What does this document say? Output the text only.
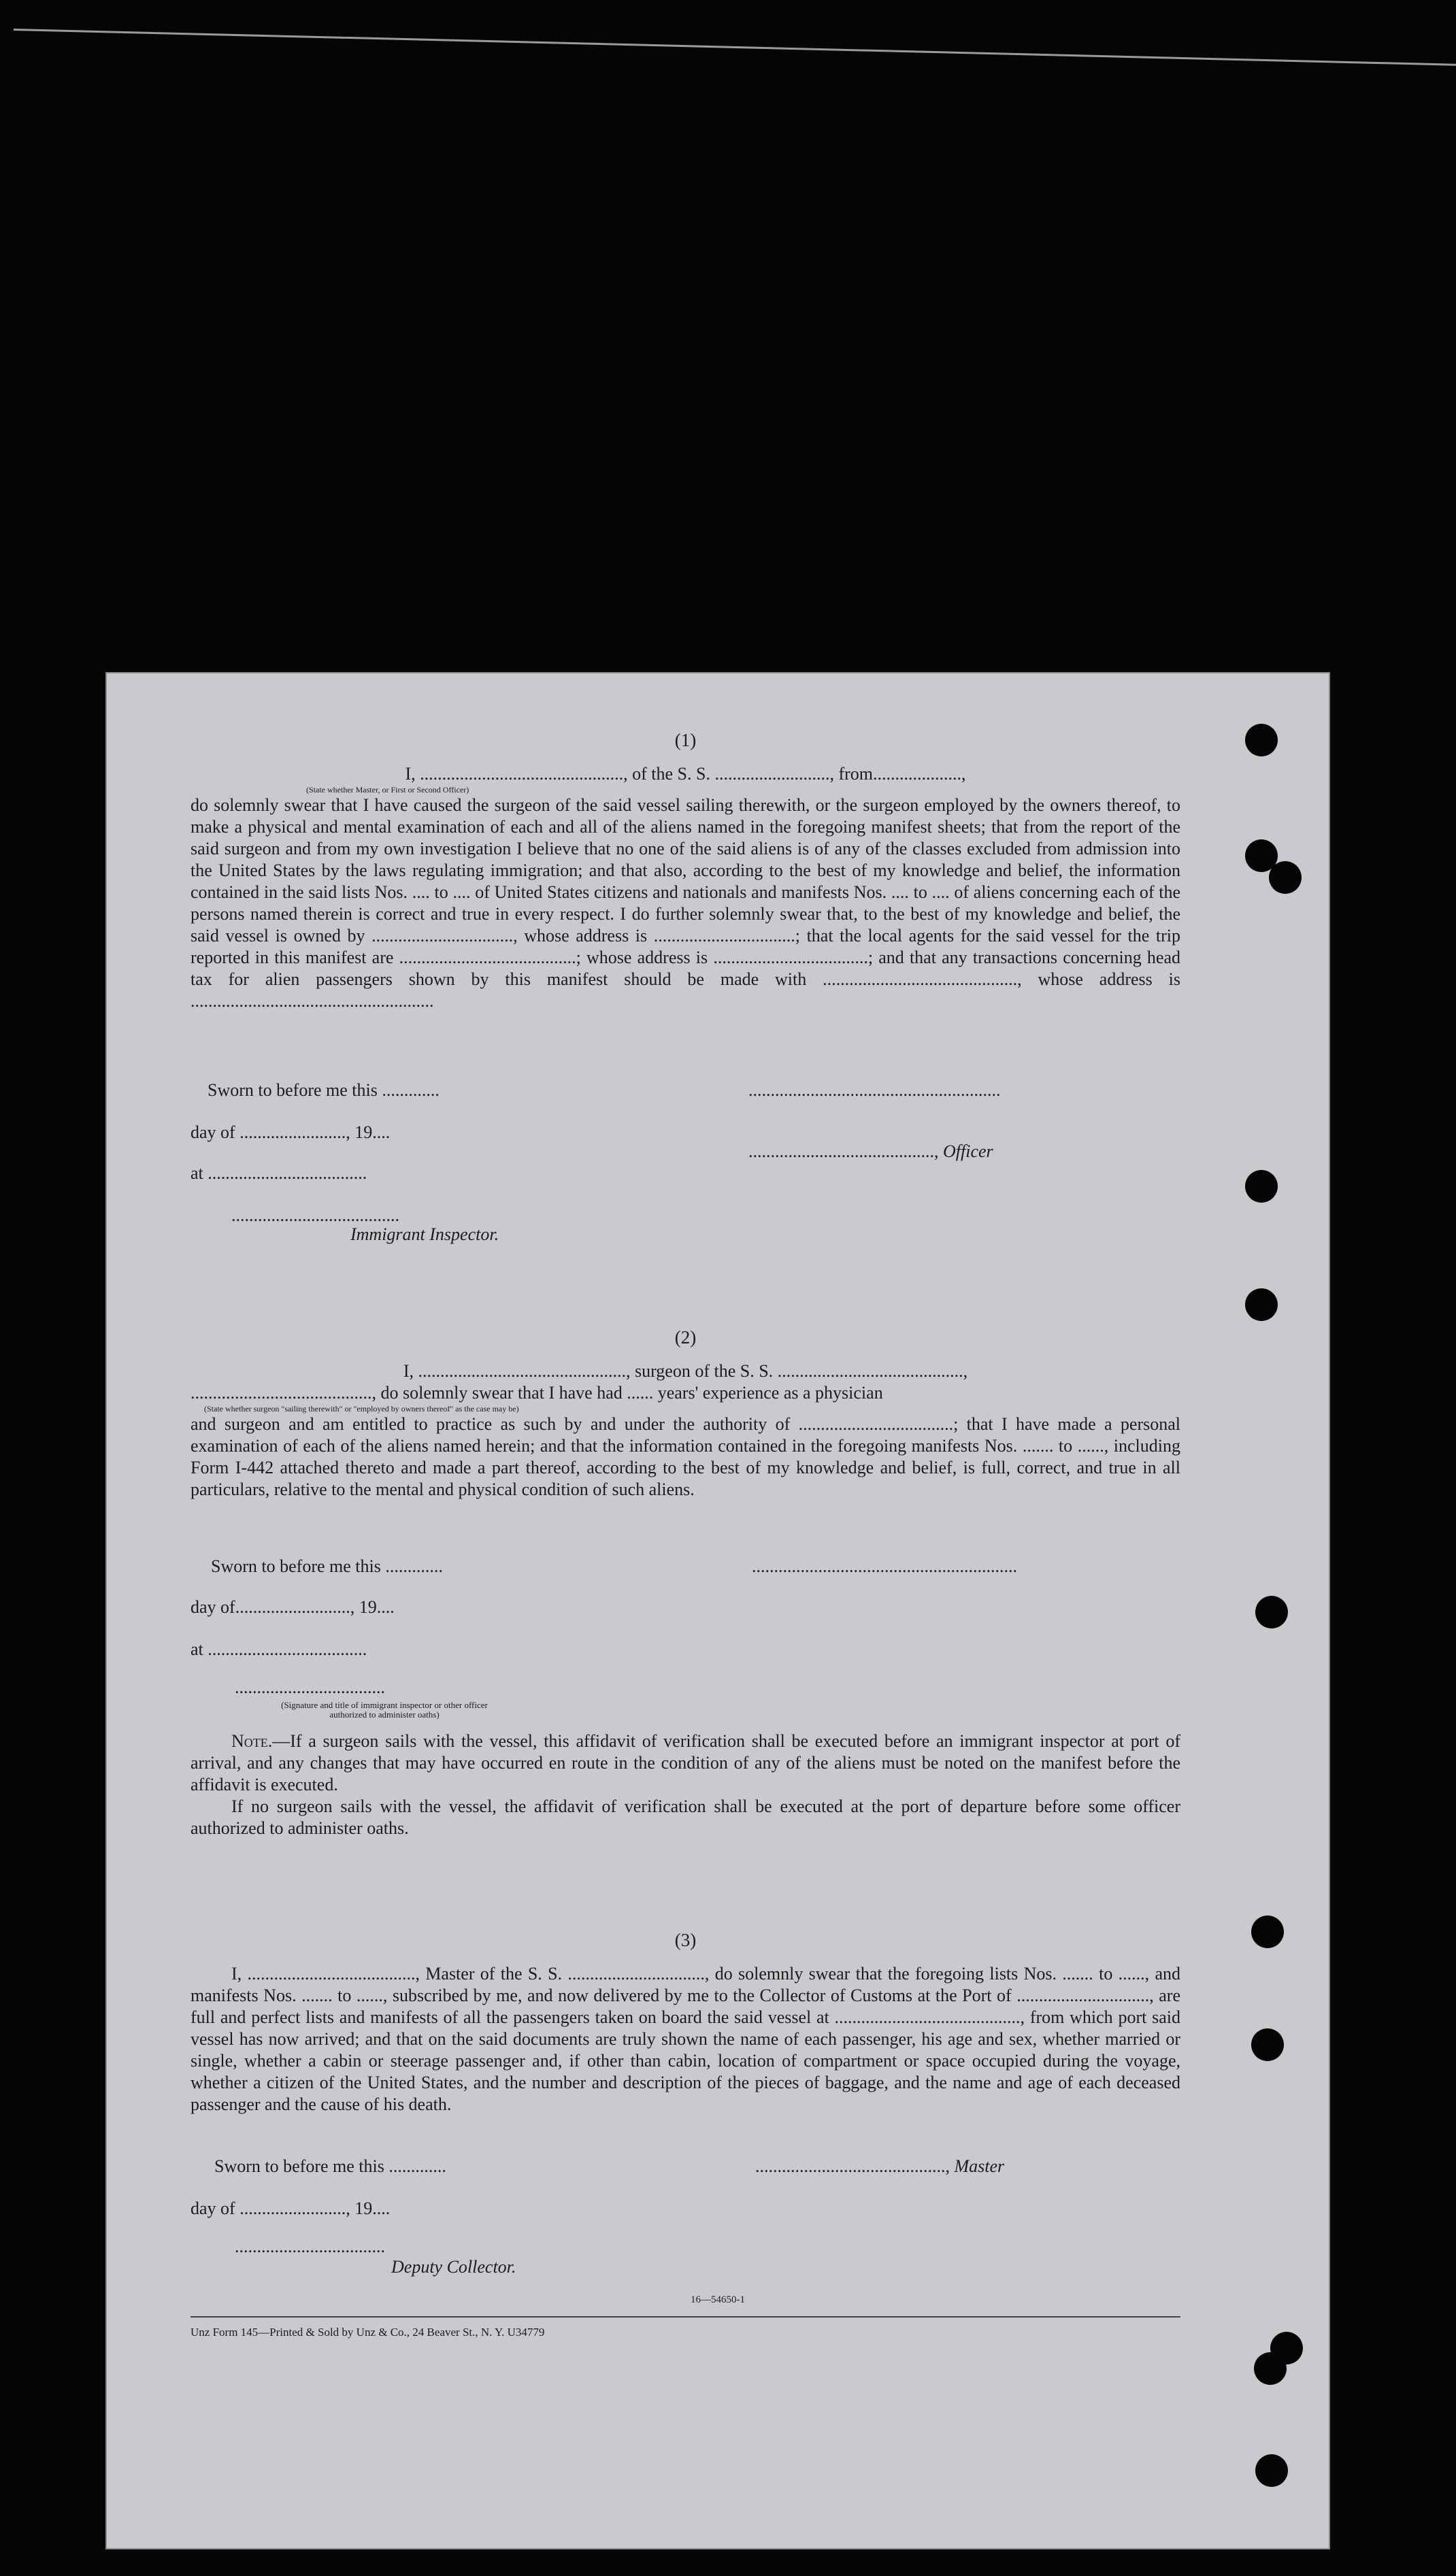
(1)

I, .............................................., of the S. S. .........................., from....................,

(State whether Master, or First or Second Officer)

do solemnly swear that I have caused the surgeon of the said vessel sailing therewith, or the surgeon employed by the owners thereof, to make a physical and mental examination of each and all of the aliens named in the foregoing manifest sheets; that from the report of the said surgeon and from my own investigation I believe that no one of the said aliens is of any of the classes excluded from admission into the United States by the laws regulating immigration; and that also, according to the best of my knowledge and belief, the information contained in the said lists Nos. .... to .... of United States citizens and nationals and manifests Nos. .... to .... of aliens concerning each of the persons named therein is correct and true in every respect. I do further solemnly swear that, to the best of my knowledge and belief, the said vessel is owned by ................................, whose address is ................................; that the local agents for the said vessel for the trip reported in this manifest are ........................................; whose address is ...................................; and that any transactions concerning head tax for alien passengers shown by this manifest should be made with ............................................, whose address is .......................................................

Sworn to before me this .............	.........................................................
day of ........................, 19....
.........................................., Officer
at ....................................
......................................
Immigrant Inspector.
(2)

I, ..............................................., surgeon of the S. S. ..........................................,

........................................., do solemnly swear that I have had ...... years' experience as a physician

(State whether surgeon "sailing therewith" or "employed by owners thereof" as the case may be)

and surgeon and am entitled to practice as such by and under the authority of ...................................; that I have made a personal examination of each of the aliens named herein; and that the information contained in the foregoing manifests Nos. ....... to ......, including Form I-442 attached thereto and made a part thereof, according to the best of my knowledge and belief, is full, correct, and true in all particulars, relative to the mental and physical condition of such aliens.

Sworn to before me this .............	............................................................
day of.........................., 19....
at ....................................
..................................
(Signature and title of immigrant inspector or other officer authorized to administer oaths)

Note.—If a surgeon sails with the vessel, this affidavit of verification shall be executed before an immigrant inspector at port of arrival, and any changes that may have occurred en route in the condition of any of the aliens must be noted on the manifest before the affidavit is executed.

If no surgeon sails with the vessel, the affidavit of verification shall be executed at the port of departure before some officer authorized to administer oaths.

(3)

I, ......................................, Master of the S. S. ..............................., do solemnly swear that the foregoing lists Nos. ....... to ......, and manifests Nos. ....... to ......, subscribed by me, and now delivered by me to the Collector of Customs at the Port of .............................., are full and perfect lists and manifests of all the passengers taken on board the said vessel at .........................................., from which port said vessel has now arrived; and that on the said documents are truly shown the name of each passenger, his age and sex, whether married or single, whether a cabin or steerage passenger and, if other than cabin, location of compartment or space occupied during the voyage, whether a citizen of the United States, and the number and description of the pieces of baggage, and the name and age of each deceased passenger and the cause of his death.

Sworn to before me this .............	..........................................., Master
day of ........................, 19....
..................................
Deputy Collector.
16—54650-1
Unz Form 145—Printed & Sold by Unz & Co., 24 Beaver St., N. Y. U34779
